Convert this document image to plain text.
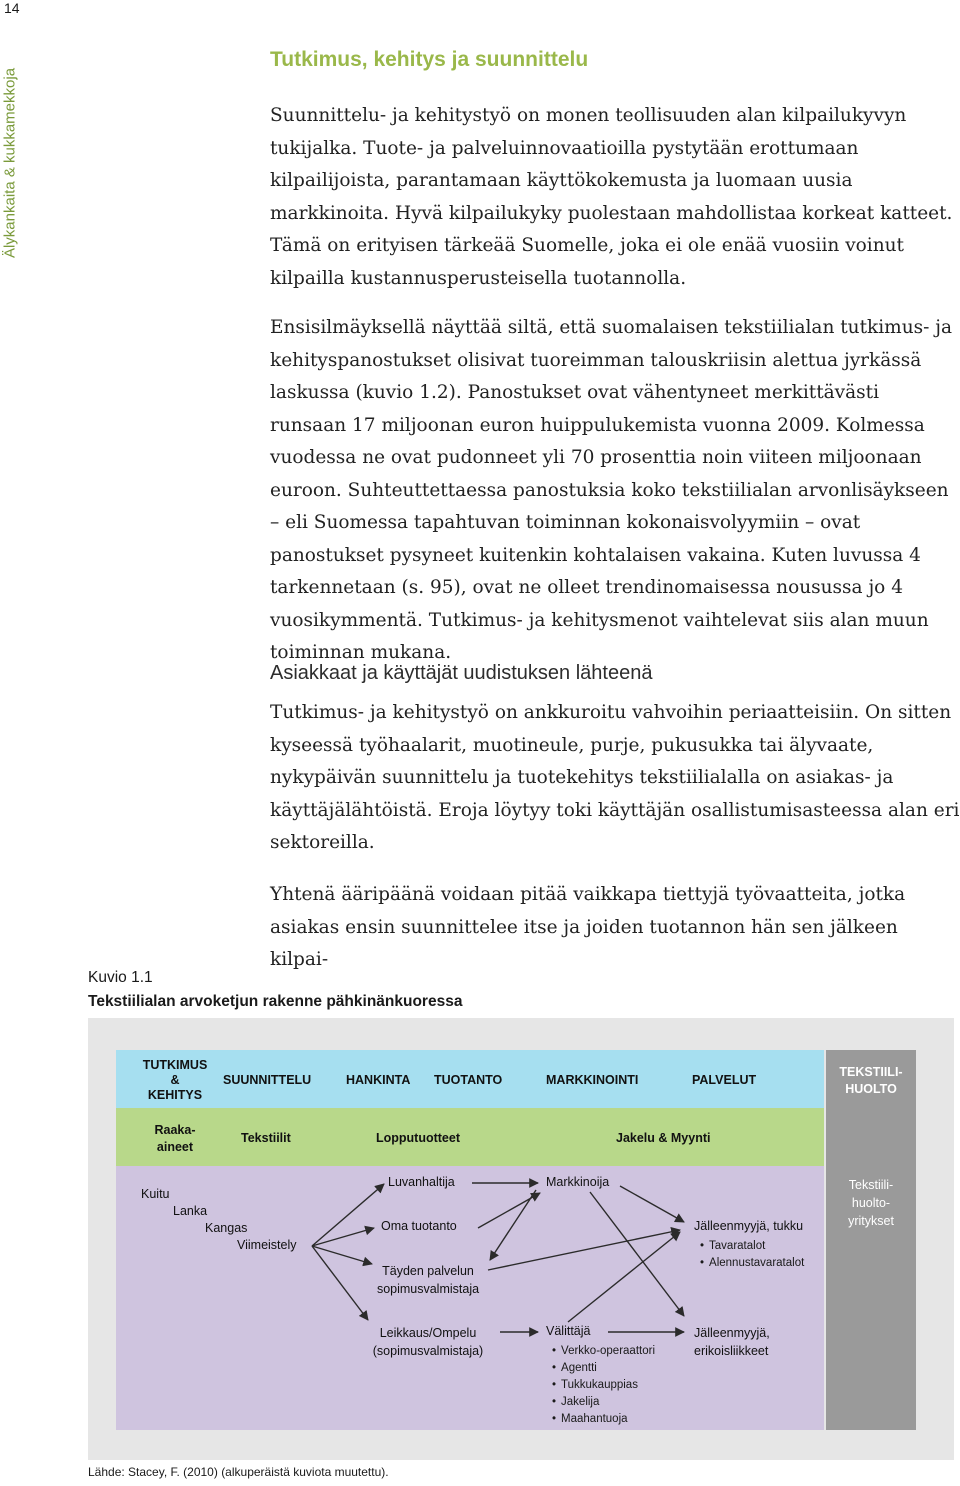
14
Älykankaita & kukkamekkoja
Tutkimus, kehitys ja suunnittelu

Suunnittelu- ja kehitystyö on monen teollisuuden alan kilpailukyvyn tukijalka. Tuote- ja palveluinnovaatioilla pystytään erottumaan kilpailijoista, parantamaan käyttökokemusta ja luomaan uusia markkinoita. Hyvä kilpailukyky puolestaan mahdollistaa korkeat katteet. Tämä on erityisen tärkeää Suomelle, joka ei ole enää vuosiin voinut kilpailla kustannusperusteisella tuotannolla.

Ensisilmäyksellä näyttää siltä, että suomalaisen tekstiilialan tutkimus- ja kehityspanostukset olisivat tuoreimman talouskriisin alettua jyrkässä laskussa (kuvio 1.2). Panostukset ovat vähentyneet merkittävästi runsaan 17 miljoonan euron huippulukemista vuonna 2009. Kolmessa vuodessa ne ovat pudonneet yli 70 prosenttia noin viiteen miljoonaan euroon. Suhteuttettaessa panostuksia koko tekstiilialan arvonlisäykseen – eli Suomessa tapahtuvan toiminnan kokonaisvolyymiin – ovat panostukset pysyneet kuitenkin kohtalaisen vakaina. Kuten luvussa 4 tarkennetaan (s. 95), ovat ne olleet trendinomaisessa nousussa jo 4 vuosikymmentä. Tutkimus- ja kehitysmenot vaihtelevat siis alan muun toiminnan mukana.

Asiakkaat ja käyttäjät uudistuksen lähteenä

Tutkimus- ja kehitystyö on ankkuroitu vahvoihin periaatteisiin. On sitten kyseessä työhaalarit, muotineule, purje, pukusukka tai älyvaate, nykypäivän suunnittelu ja tuotekehitys tekstiilialalla on asiakas- ja käyttäjälähtöistä. Eroja löytyy toki käyttäjän osallistumisasteessa alan eri sektoreilla.

Yhtenä ääripäänä voidaan pitää vaikkapa tiettyjä työvaatteita, jotka asiakas ensin suunnittelee itse ja joiden tuotannon hän sen jälkeen kilpai-

Kuvio 1.1
Tekstiilialan arvoketjun rakenne pähkinänkuoressa
TUTKIMUS
&
KEHITYS
SUUNNITTELU	HANKINTA TUOTANTO	MARKKINOINTI	PALVELUT
TEKSTIILI-
HUOLTO
Raaka-
aineet
Tekstiilit	Lopputuotteet	Jakelu & Myynti
Kuitu
Lanka
Kangas
Viimeistely
Luvanhaltija
Oma tuotanto
Täyden palvelun
sopimusvalmistaja
Markkinoija
Jälleenmyyjä, tukku
• Tavaratalot
• Alennustavaratalot
Leikkaus/Ompelu
(sopimusvalmistaja)
Välittäjä
• Verkko-operaattori
• Agentti
• Tukkukauppias
• Jakelija
• Maahantuoja
Jälleenmyyjä,
erikoisliikkeet
Tekstiili-
huolto-
yritykset
Lähde: Stacey, F. (2010) (alkuperäistä kuviota muutettu).
